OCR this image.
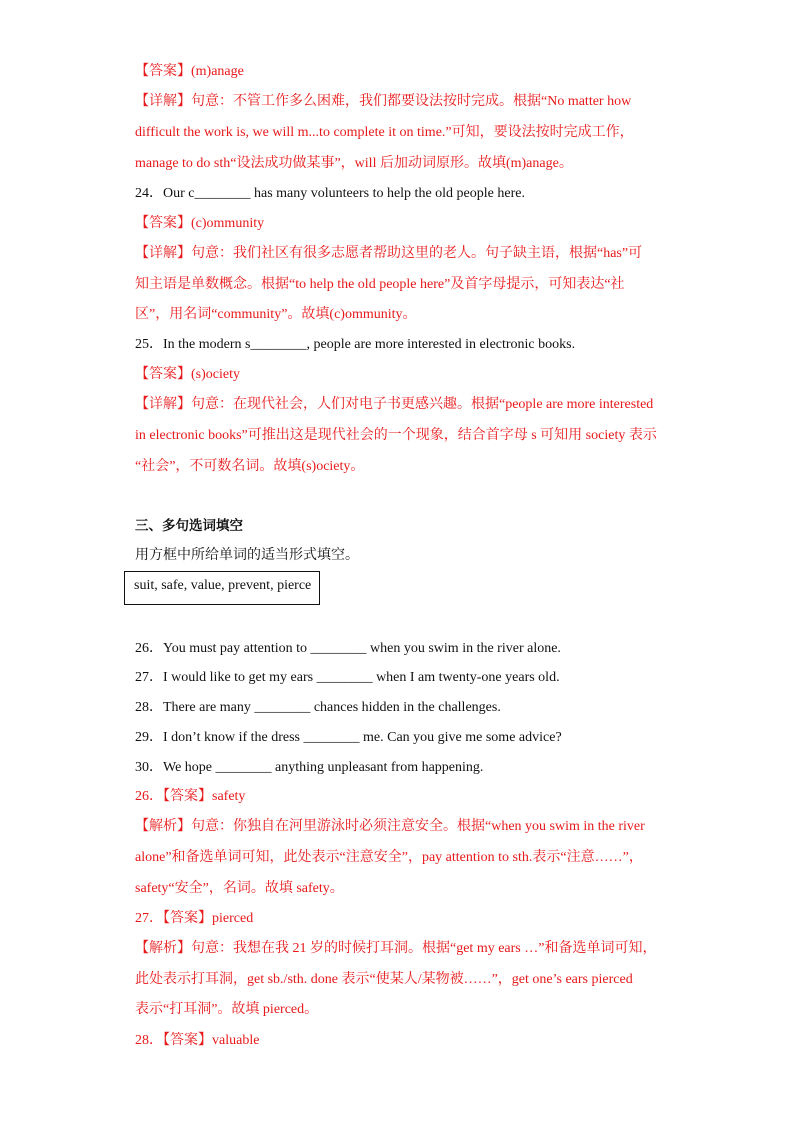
【答案】(m)anage
【详解】句意：不管工作多么困难，我们都要设法按时完成。根据“No matter how
difficult the work is, we will m...to complete it on time.”可知，要设法按时完成工作，
manage to do sth“设法成功做某事”，will 后加动词原形。故填(m)anage。
24．Our c________ has many volunteers to help the old people here.
【答案】(c)ommunity
【详解】句意：我们社区有很多志愿者帮助这里的老人。句子缺主语，根据“has”可
知主语是单数概念。根据“to help the old people here”及首字母提示，可知表达“社
区”，用名词“community”。故填(c)ommunity。
25．In the modern s________, people are more interested in electronic books.
【答案】(s)ociety
【详解】句意：在现代社会，人们对电子书更感兴趣。根据“people are more interested
in electronic books”可推出这是现代社会的一个现象，结合首字母 s 可知用 society 表示
“社会”，不可数名词。故填(s)ociety。
三、多句选词填空
用方框中所给单词的适当形式填空。
suit, safe, value, prevent, pierce
26．You must pay attention to ________ when you swim in the river alone.
27．I would like to get my ears ________ when I am twenty-one years old.
28．There are many ________ chances hidden in the challenges.
29．I don’t know if the dress ________ me. Can you give me some advice?
30．We hope ________ anything unpleasant from happening.
26．【答案】safety
【解析】句意：你独自在河里游泳时必须注意安全。根据“when you swim in the river
alone”和备选单词可知，此处表示“注意安全”，pay attention to sth.表示“注意……”，
safety“安全”，名词。故填 safety。
27．【答案】pierced
【解析】句意：我想在我 21 岁的时候打耳洞。根据“get my ears …”和备选单词可知，
此处表示打耳洞，get sb./sth. done 表示“使某人/某物被……”，get one’s ears pierced
表示“打耳洞”。故填 pierced。
28．【答案】valuable
